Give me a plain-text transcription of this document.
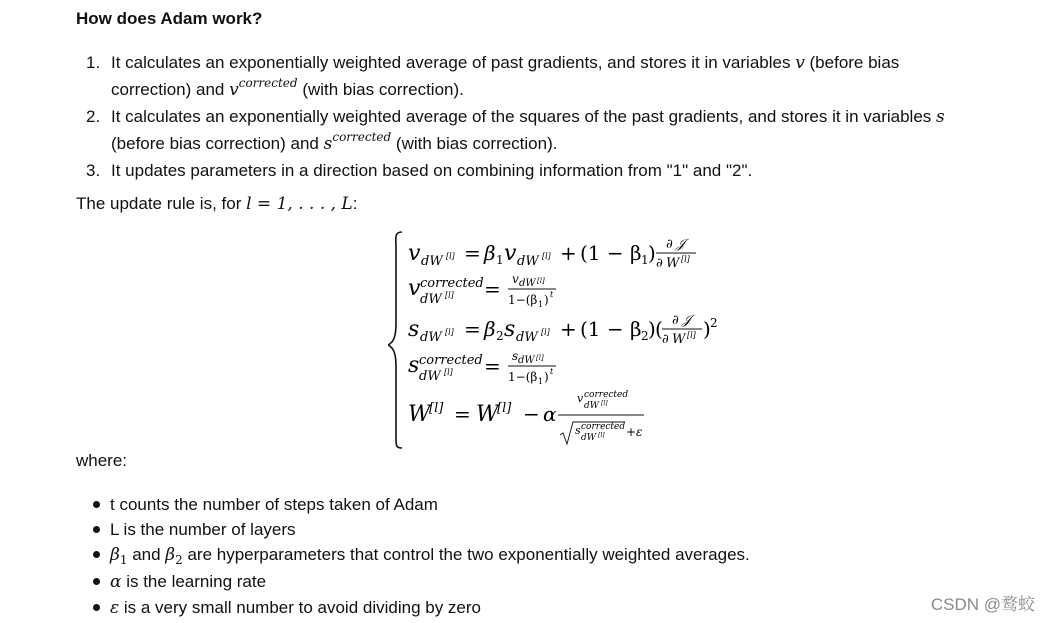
How does Adam work?
1. It calculates an exponentially weighted average of past gradients, and stores it in variables v (before bias
correction) and $v^{corrected}$ (with bias correction).
2. It calculates an exponentially weighted average of the squares of the past gradients, and stores it in variables s
(before bias correction) and $s^{corrected}$ (with bias correction).
3. It updates parameters in a direction based on combining information from "1" and "2".
The update rule is, for l = 1, . . . , L:
v dW [l] = β 1 v dW [l] + (1 − β 1 ) ∂ 𝒥
∂ W [l]
v corrected
dW [l] = v dW [l]
1−(β 1 ) t
s dW [l] = β 2 s dW [l] + (1 − β 2 ) ( ∂ 𝒥
∂ W [l] ) 2
s corrected
dW [l] = s dW [l]
1−(β 1 ) t
W
[l] = W
[l] − α
v corrected
dW [l]
s corrected
dW [l] +ε
where:
t counts the number of steps taken of Adam
L is the number of layers
$\beta_1$ and $\beta_2$ are hyperparameters that control the two exponentially weighted averages.
α is the learning rate
ε is a very small number to avoid dividing by zero	CSDN @鹜蛟
